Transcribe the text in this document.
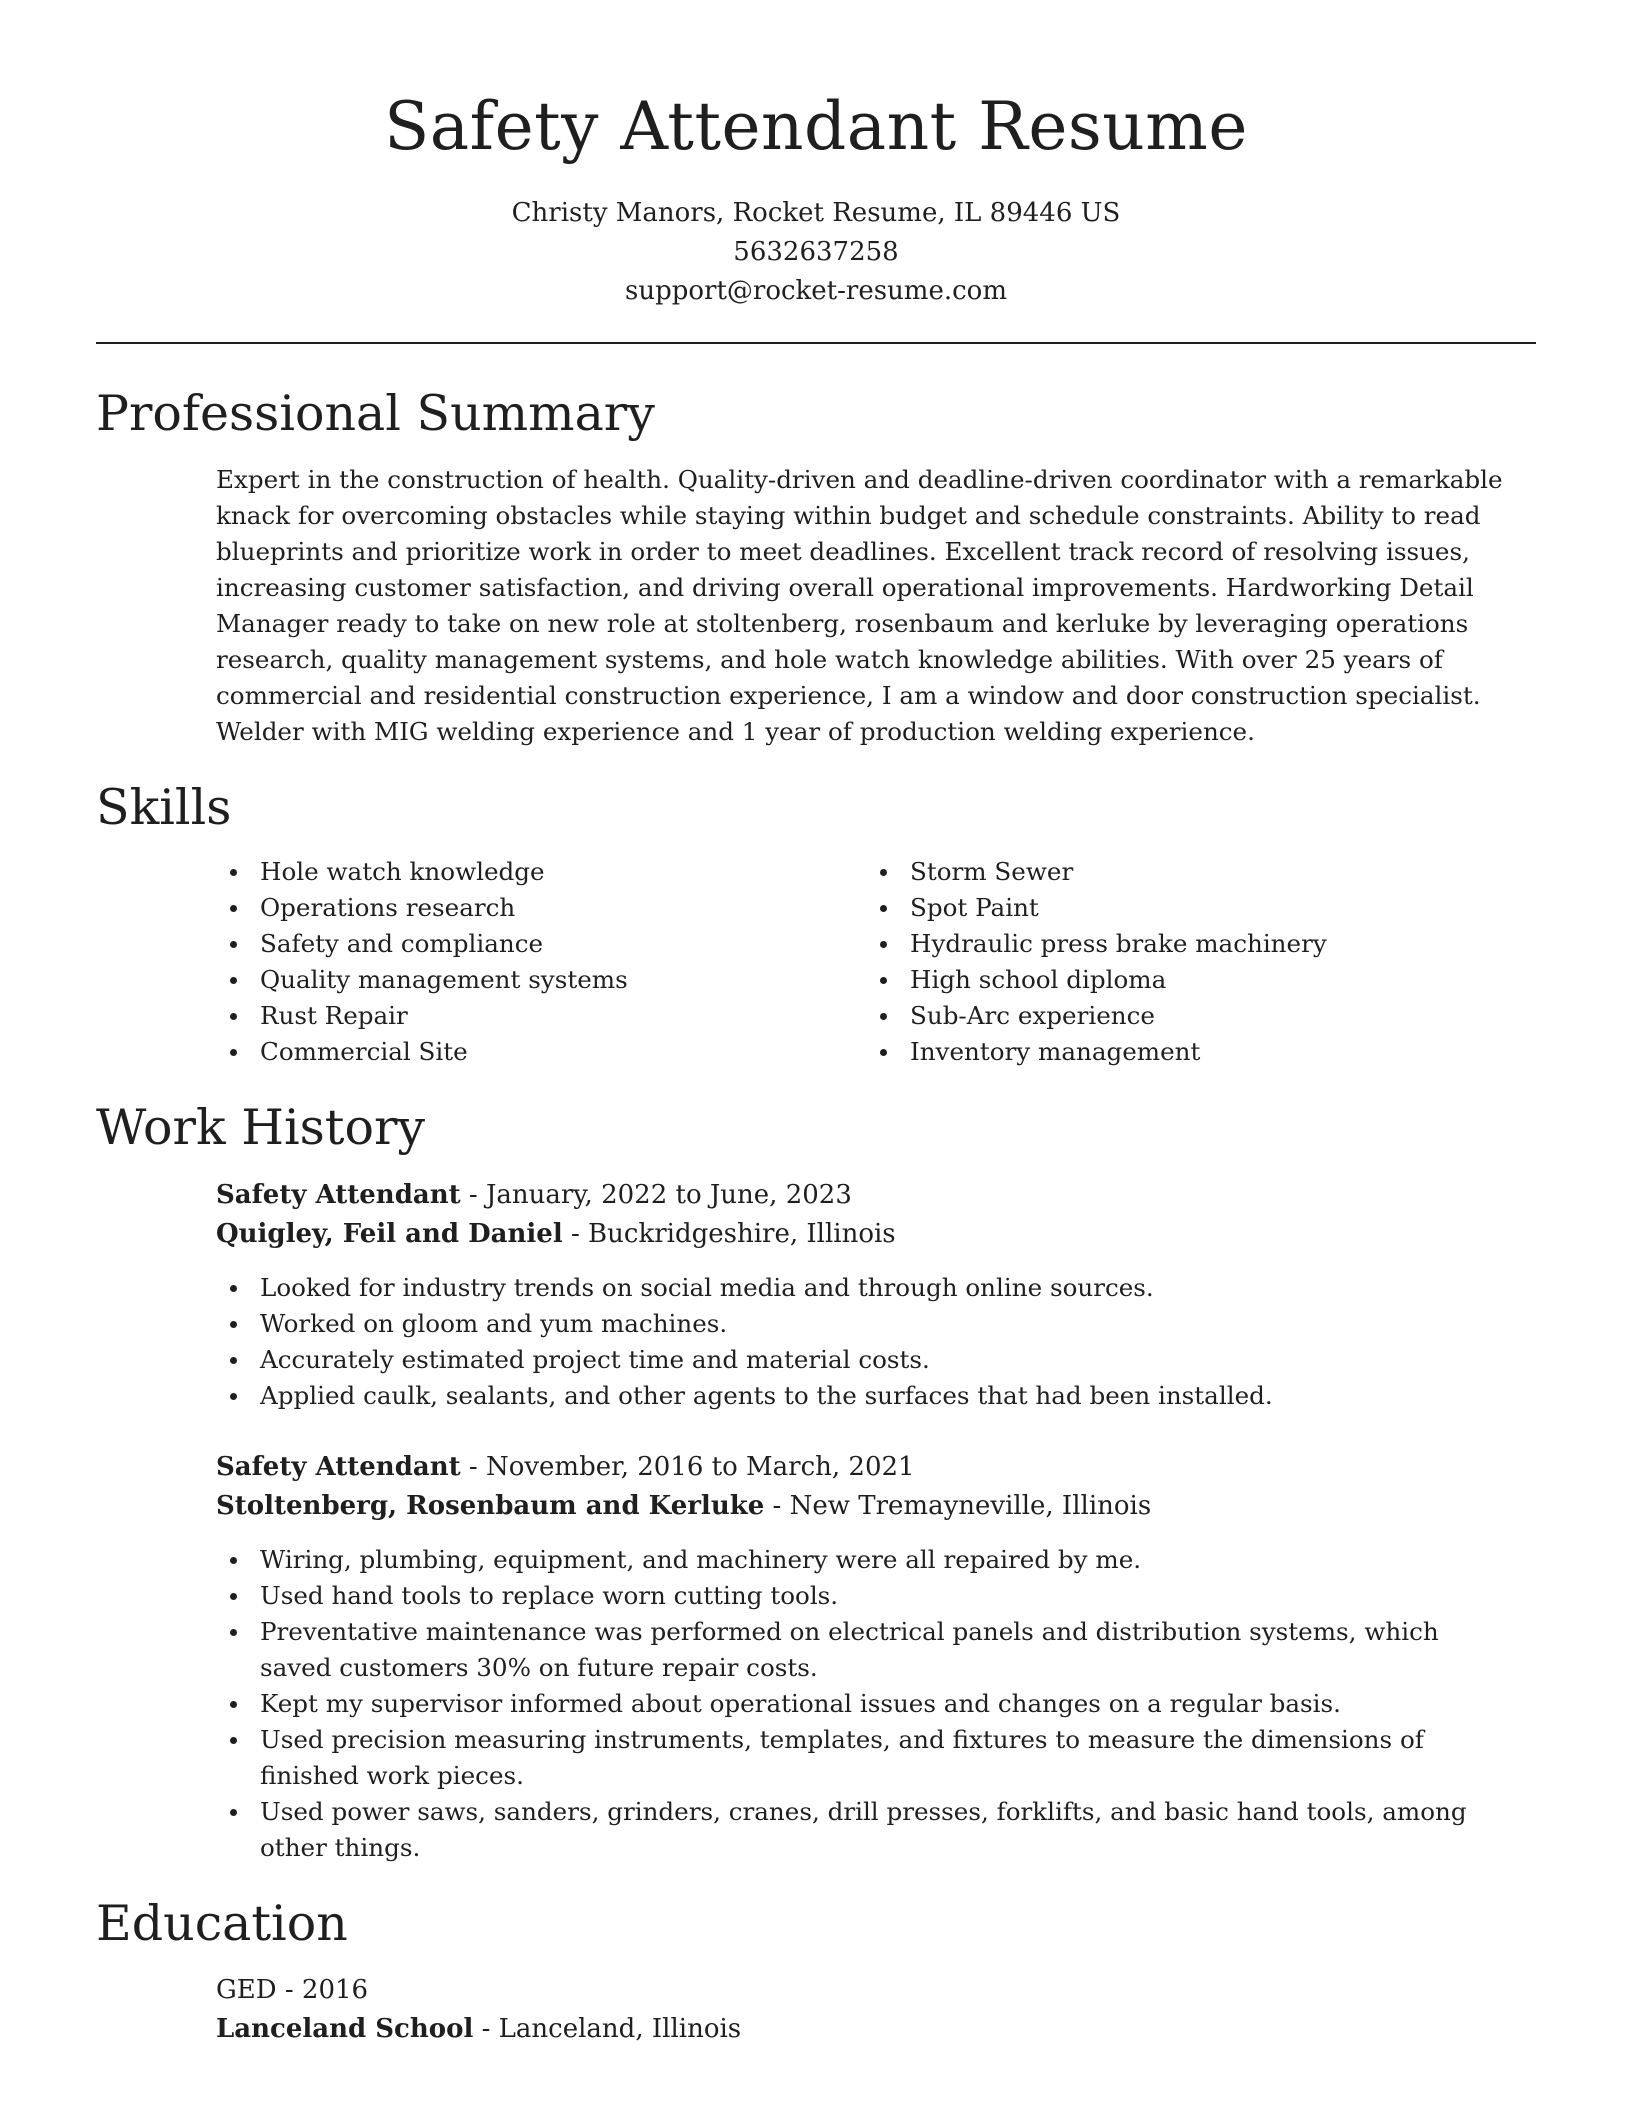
Safety Attendant Resume
Christy Manors, Rocket Resume, IL 89446 US
5632637258
support@rocket-resume.com
Professional Summary

Expert in the construction of health. Quality-driven and deadline-driven coordinator with a remarkable knack for overcoming obstacles while staying within budget and schedule constraints. Ability to read blueprints and prioritize work in order to meet deadlines. Excellent track record of resolving issues, increasing customer satisfaction, and driving overall operational improvements. Hardworking Detail Manager ready to take on new role at stoltenberg, rosenbaum and kerluke by leveraging operations research, quality management systems, and hole watch knowledge abilities. With over 25 years of commercial and residential construction experience, I am a window and door construction specialist. Welder with MIG welding experience and 1 year of production welding experience.

Skills
Hole watch knowledge
Operations research
Safety and compliance
Quality management systems
Rust Repair
Commercial Site
Storm Sewer
Spot Paint
Hydraulic press brake machinery
High school diploma
Sub-Arc experience
Inventory management
Work History
Safety Attendant - January, 2022 to June, 2023
Quigley, Feil and Daniel - Buckridgeshire, Illinois
Looked for industry trends on social media and through online sources.
Worked on gloom and yum machines.
Accurately estimated project time and material costs.
Applied caulk, sealants, and other agents to the surfaces that had been installed.
Safety Attendant - November, 2016 to March, 2021
Stoltenberg, Rosenbaum and Kerluke - New Tremayneville, Illinois
Wiring, plumbing, equipment, and machinery were all repaired by me.
Used hand tools to replace worn cutting tools.
Preventative maintenance was performed on electrical panels and distribution systems, which saved customers 30% on future repair costs.
Kept my supervisor informed about operational issues and changes on a regular basis.
Used precision measuring instruments, templates, and fixtures to measure the dimensions of finished work pieces.
Used power saws, sanders, grinders, cranes, drill presses, forklifts, and basic hand tools, among other things.
Education
GED - 2016
Lanceland School - Lanceland, Illinois
